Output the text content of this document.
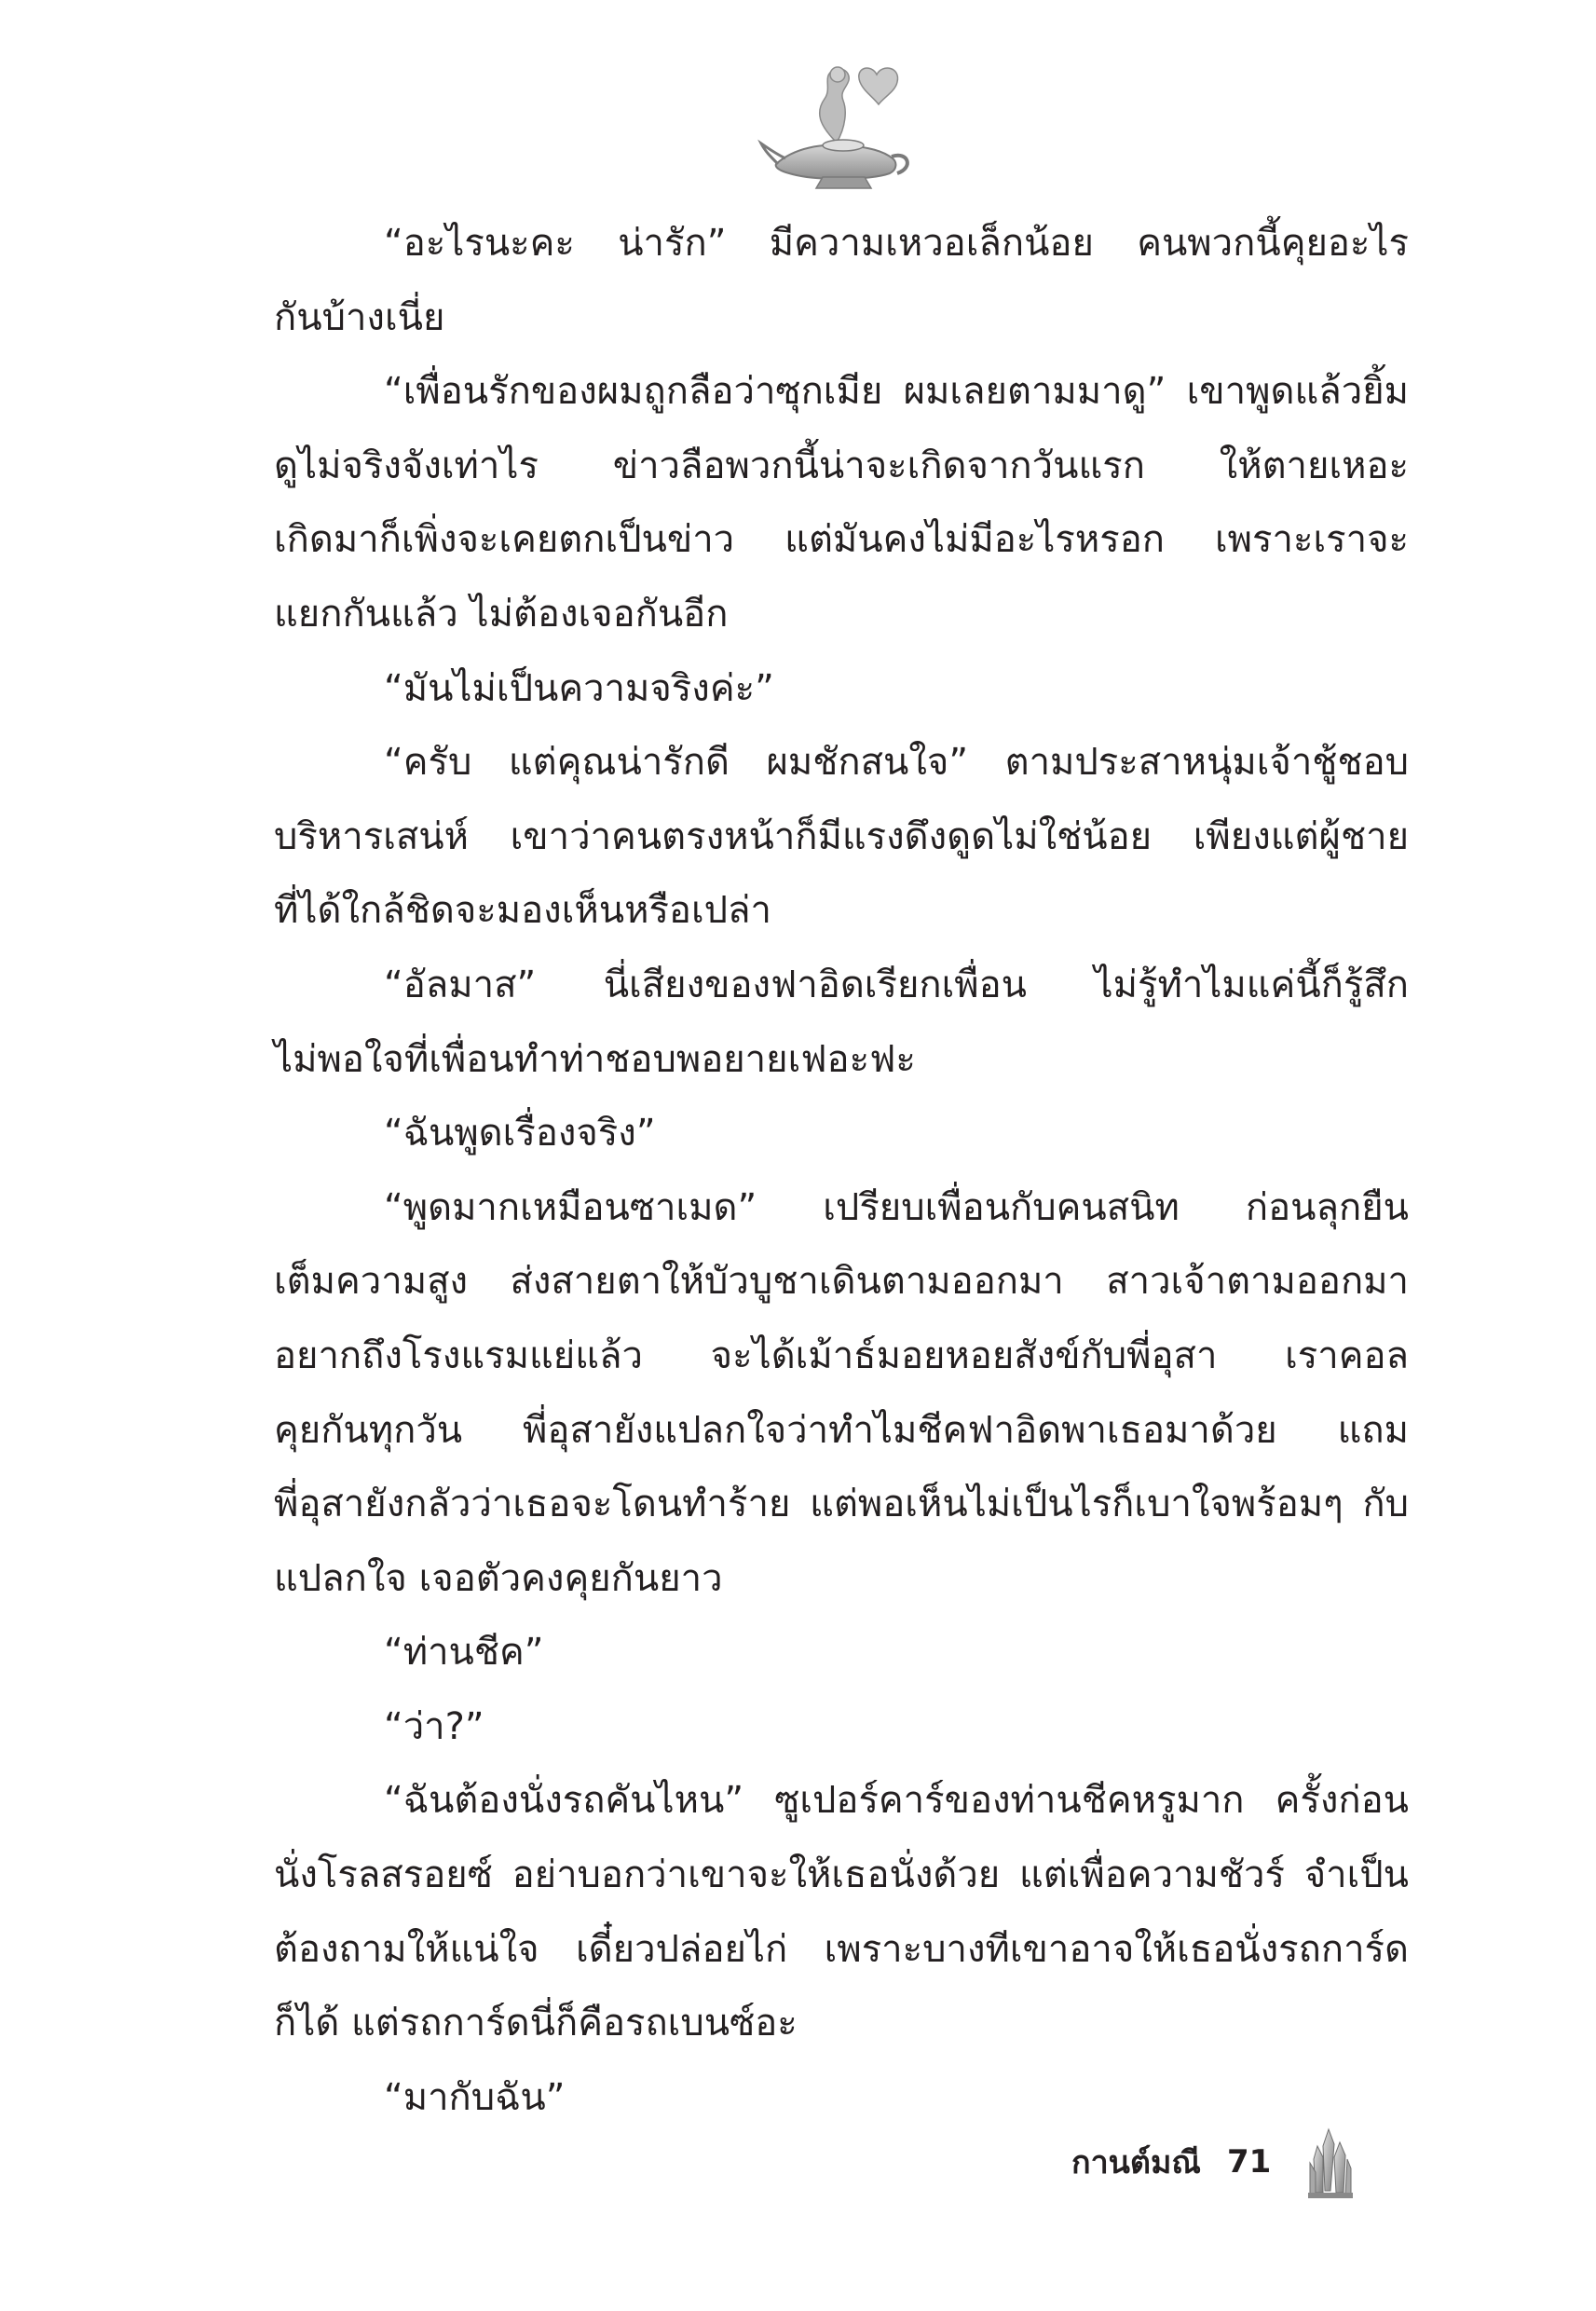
“อะไรนะคะ น่ารัก” มีความเหวอเล็กน้อย คนพวกนี้คุยอะไร
กันบ้างเนี่ย
“เพื่อนรักของผมถูกลือว่าซุกเมีย ผมเลยตามมาดู” เขาพูดแล้วยิ้ม
ดูไม่จริงจังเท่าไร ข่าวลือพวกนี้น่าจะเกิดจากวันแรก ให้ตายเหอะ
เกิดมาก็เพิ่งจะเคยตกเป็นข่าว แต่มันคงไม่มีอะไรหรอก เพราะเราจะ
แยกกันแล้ว ไม่ต้องเจอกันอีก
“มันไม่เป็นความจริงค่ะ”
“ครับ แต่คุณน่ารักดี ผมชักสนใจ” ตามประสาหนุ่มเจ้าชู้ชอบ
บริหารเสน่ห์ เขาว่าคนตรงหน้าก็มีแรงดึงดูดไม่ใช่น้อย เพียงแต่ผู้ชาย
ที่ได้ใกล้ชิดจะมองเห็นหรือเปล่า
“อัลมาส” นี่เสียงของฟาอิดเรียกเพื่อน ไม่รู้ทำไมแค่นี้ก็รู้สึก
ไม่พอใจที่เพื่อนทำท่าชอบพอยายเฟอะฟะ
“ฉันพูดเรื่องจริง”
“พูดมากเหมือนซาเมด” เปรียบเพื่อนกับคนสนิท ก่อนลุกยืน
เต็มความสูง ส่งสายตาให้บัวบูชาเดินตามออกมา สาวเจ้าตามออกมา
อยากถึงโรงแรมแย่แล้ว จะได้เม้าธ์มอยหอยสังข์กับพี่อุสา เราคอล
คุยกันทุกวัน พี่อุสายังแปลกใจว่าทำไมชีคฟาอิดพาเธอมาด้วย แถม
พี่อุสายังกลัวว่าเธอจะโดนทำร้าย แต่พอเห็นไม่เป็นไรก็เบาใจพร้อมๆ กับ
แปลกใจ เจอตัวคงคุยกันยาว
“ท่านชีค”
“ว่า?”
“ฉันต้องนั่งรถคันไหน” ซูเปอร์คาร์ของท่านชีคหรูมาก ครั้งก่อน
นั่งโรลสรอยซ์ อย่าบอกว่าเขาจะให้เธอนั่งด้วย แต่เพื่อความชัวร์ จำเป็น
ต้องถามให้แน่ใจ เดี๋ยวปล่อยไก่ เพราะบางทีเขาอาจให้เธอนั่งรถการ์ด
ก็ได้ แต่รถการ์ดนี่ก็คือรถเบนซ์อะ
“มากับฉัน”
กานต์มณี 71
